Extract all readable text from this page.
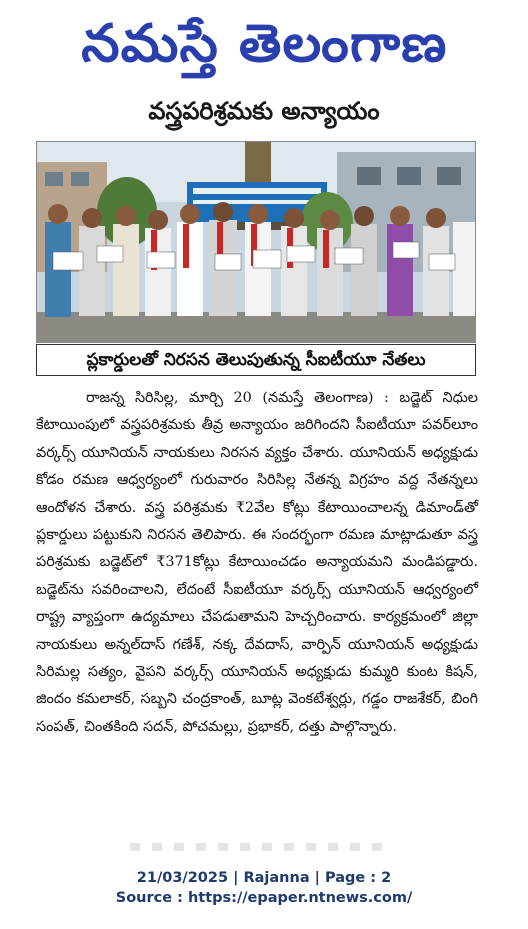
నమస్తే తెలంగాణ
వస్త్రపరిశ్రమకు అన్యాయం
ప్లకార్డులతో నిరసన తెలుపుతున్న సీఐటీయూ నేతలు
రాజన్న సిరిసిల్ల, మార్చి 20 (నమస్తే తెలంగాణ) : బడ్జెట్ నిధుల కేటాయింపులో వస్త్రపరిశ్రమకు తీవ్ర అన్యాయం జరిగిందని సీఐటీయూ పవర్‌లూం వర్కర్స్ యూనియన్ నాయకులు నిరసన వ్యక్తం చేశారు. యూనియన్ అధ్యక్షుడు కోడం రమణ ఆధ్వర్యంలో గురువారం సిరిసిల్ల నేతన్న విగ్రహం వద్ద నేతన్నలు ఆందోళన చేశారు. వస్త్ర పరిశ్రమకు ₹2వేల కోట్లు కేటాయించాలన్న డిమాండ్‌తో ప్లకార్డులు పట్టుకుని నిరసన తెలిపారు. ఈ సందర్భంగా రమణ మాట్లాడుతూ వస్త్ర పరిశ్రమకు బడ్జెట్‌లో ₹371కోట్లు కేటాయించడం అన్యాయమని మండిపడ్డారు. బడ్జెట్‌ను సవరించాలని, లేదంటే సీఐటీయూ వర్కర్స్ యూనియన్ ఆధ్వర్యంలో రాష్ట్ర వ్యాప్తంగా ఉద్యమాలు చేపడుతామని హెచ్చరించారు. కార్యక్రమంలో జిల్లా నాయకులు అన్నల్‌దాస్ గణేశ్, నక్క దేవదాస్, వార్పిన్ యూనియన్ అధ్యక్షుడు సిరిమల్ల సత్యం, వైపని వర్కర్స్ యూనియన్ అధ్యక్షుడు కుమ్మరి కుంట కిషన్, జిందం కమలాకర్, సబ్బని చంద్రకాంత్, బూట్ల వెంకటేశ్వర్లు, గడ్డం రాజశేకర్, బింగి సంపత్, చింతకింది సదన్, పోచమల్లు, ప్రభాకర్, దత్తు పాల్గొన్నారు.
21/03/2025 | Rajanna | Page : 2
Source : https://epaper.ntnews.com/
